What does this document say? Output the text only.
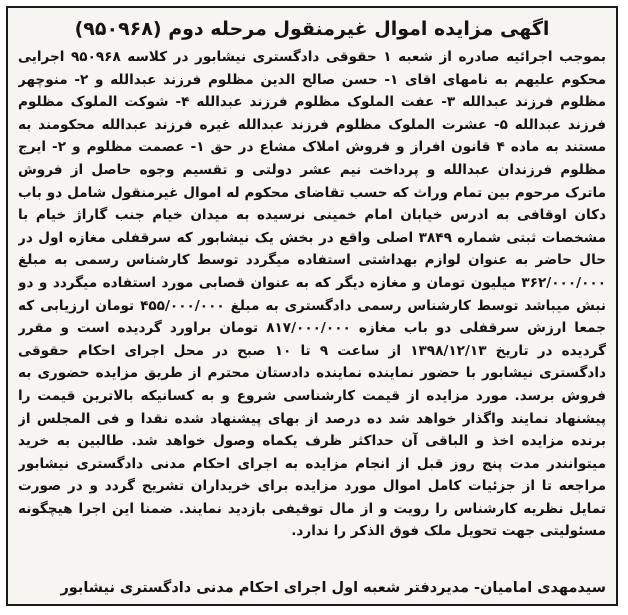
اگهی مزایده اموال غیرمنقول مرحله دوم (۹۵۰۹۶۸)

بموجب اجرائیه صادره از شعبه ۱ حقوقی دادگستری نیشابور در کلاسه ۹۵۰۹۶۸ اجرایی محکوم علیهم به نامهای اقای ۱- حسن صالح الدین مظلوم فرزند عبدالله و ۲- منوچهر مظلوم فرزند عبدالله ۳- عفت الملوک مظلوم فرزند عبدالله ۴- شوکت الملوک مظلوم فرزند عبدالله ۵- عشرت الملوک مظلوم فرزند عبدالله غیره فرزند عبدالله محکومند به مستند به ماده ۴ قانون افراز و فروش املاک مشاع در حق ۱- عصمت مظلوم و ۲- ایرج مظلوم فرزندان عبدالله و پرداخت نیم عشر دولتی و تقسیم وجوه حاصل از فروش ماترک مرحوم بین تمام وراث که حسب تقاضای محکوم له اموال غیرمنقول شامل دو باب دکان اوقافی به ادرس خیابان امام خمینی نرسیده به میدان خیام جنب گاراژ خیام با مشخصات ثبتی شماره ۳۸۴۹ اصلی واقع در بخش یک نیشابور که سرقفلی مغازه اول در حال حاضر به عنوان لوازم بهداشتی استفاده میگردد توسط کارشناس رسمی به مبلغ ۳۶۲/۰۰۰/۰۰۰ میلیون تومان و مغازه دیگر که به عنوان قصابی مورد استفاده میگردد و دو نبش میباشد توسط کارشناس رسمی دادگستری به مبلغ ۴۵۵/۰۰۰/۰۰۰ تومان ارزیابی که جمعا ارزش سرقفلی دو باب مغازه ۸۱۷/۰۰۰/۰۰۰ تومان براورد گردیده است و مقرر گردیده در تاریخ ۱۳۹۸/۱۲/۱۳ از ساعت ۹ تا ۱۰ صبح در محل اجرای احکام حقوقی دادگستری نیشابور با حضور نماینده نماینده دادستان محترم از طریق مزایده حضوری به فروش برسد. مورد مزایده از قیمت کارشناسی شروع و به کسانیکه بالاترین قیمت را پیشنهاد نمایند واگذار خواهد شد ده درصد از بهای پیشنهاد شده نقدا و فی المجلس از برنده مزایده اخذ و الباقی آن حداکثر ظرف یکماه وصول خواهد شد. طالبین به خرید میتوانندر مدت پنج روز قبل از انجام مزایده به اجرای احکام مدنی دادگستری نیشابور مراجعه تا از جزئیات کامل اموال مورد مزایده برای خریداران تشریح گردد و در صورت تمایل نظریه کارشناس را رویت و از مال توقیفی بازدید نمایند. ضمنا این اجرا هیچگونه مسئولیتی جهت تحویل ملک فوق الذکر را ندارد.

سیدمهدی امامیان- مدیردفتر شعبه اول اجرای احکام مدنی دادگستری نیشابور
